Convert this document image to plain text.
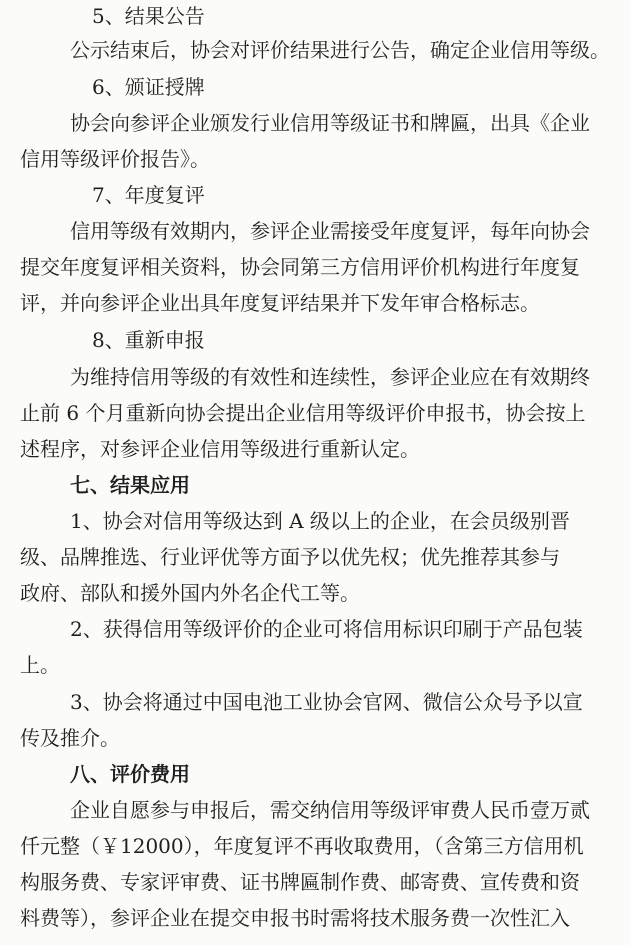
5、结果公告
公示结束后，协会对评价结果进行公告，确定企业信用等级。
6、颁证授牌
协会向参评企业颁发行业信用等级证书和牌匾，出具《企业
信用等级评价报告》。
7、年度复评
信用等级有效期内，参评企业需接受年度复评，每年向协会
提交年度复评相关资料，协会同第三方信用评价机构进行年度复
评，并向参评企业出具年度复评结果并下发年审合格标志。
8、重新申报
为维持信用等级的有效性和连续性，参评企业应在有效期终
止前 6 个月重新向协会提出企业信用等级评价申报书，协会按上
述程序，对参评企业信用等级进行重新认定。
七、结果应用
1、协会对信用等级达到 A 级以上的企业，在会员级别晋
级、品牌推选、行业评优等方面予以优先权；优先推荐其参与
政府、部队和援外国内外名企代工等。
2、获得信用等级评价的企业可将信用标识印刷于产品包装
上。
3、协会将通过中国电池工业协会官网、微信公众号予以宣
传及推介。
八、评价费用
企业自愿参与申报后，需交纳信用等级评审费人民币壹万贰
仟元整（￥12000），年度复评不再收取费用，（含第三方信用机
构服务费、专家评审费、证书牌匾制作费、邮寄费、宣传费和资
料费等），参评企业在提交申报书时需将技术服务费一次性汇入
